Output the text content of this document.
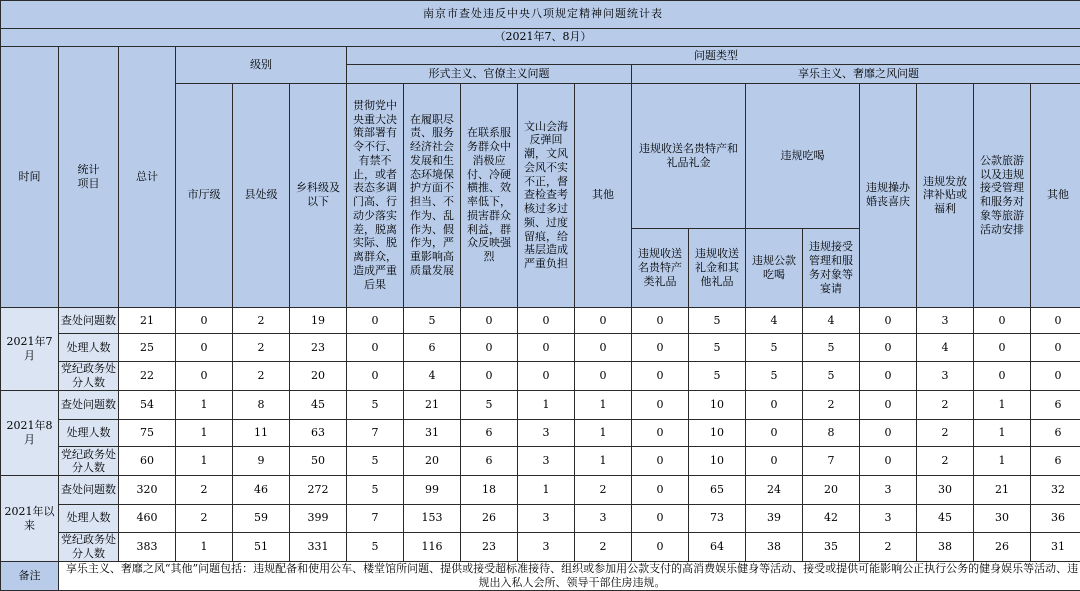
南京市查处违反中央八项规定精神问题统计表																		
（2021年7、8月）																		
时间	统计项目	总计	级别			问题类型												
						形式主义、官僚主义问题					享乐主义、奢靡之风问题							
			市厅级	县处级	乡科级及以下	贯彻党中央重大决策部署有令不行、有禁不止，或者表态多调门高、行动少落实差，脱离实际、脱离群众，造成严重后果	在履职尽责、服务经济社会发展和生态环境保护方面不担当、不作为、乱作为、假作为，严重影响高质量发展	在联系服务群众中消极应付、冷硬横推、效率低下，损害群众利益，群众反映强烈	文山会海反弹回潮，文风会风不实不正，督查检查考核过多过频、过度留痕，给基层造成严重负担	其他	违规收送名贵特产和礼品礼金		违规吃喝		违规操办婚丧喜庆	违规发放津补贴或福利	公款旅游以及违规接受管理和服务对象等旅游活动安排	其他

											违规收送名贵特产类礼品	违规收送礼金和其他礼品	违规公款吃喝	违规接受管理和服务对象等宴请				

2021年7月	查处问题数	21	0	2	19	0	5	0	0	0	0	5	4	4	0	3	0	0
	处理人数	25	0	2	23	0	6	0	0	0	0	5	5	5	0	4	0	0
	党纪政务处分人数	22	0	2	20	0	4	0	0	0	0	5	5	5	0	3	0	0
2021年8月	查处问题数	54	1	8	45	5	21	5	1	1	0	10	0	2	0	2	1	6
	处理人数	75	1	11	63	7	31	6	3	1	0	10	0	8	0	2	1	6
	党纪政务处分人数	60	1	9	50	5	20	6	3	1	0	10	0	7	0	2	1	6
2021年以来	查处问题数	320	2	46	272	5	99	18	1	2	0	65	24	20	3	30	21	32
	处理人数	460	2	59	399	7	153	26	3	3	0	73	39	42	3	45	30	36
	党纪政务处分人数	383	1	51	331	5	116	23	3	2	0	64	38	35	2	38	26	31
备注	享乐主义、奢靡之风“其他”问题包括：违规配备和使用公车、楼堂馆所问题、提供或接受超标准接待、组织或参加用公款支付的高消费娱乐健身等活动、接受或提供可能影响公正执行公务的健身娱乐等活动、违规出入私人会所、领导干部住房违规。																	
